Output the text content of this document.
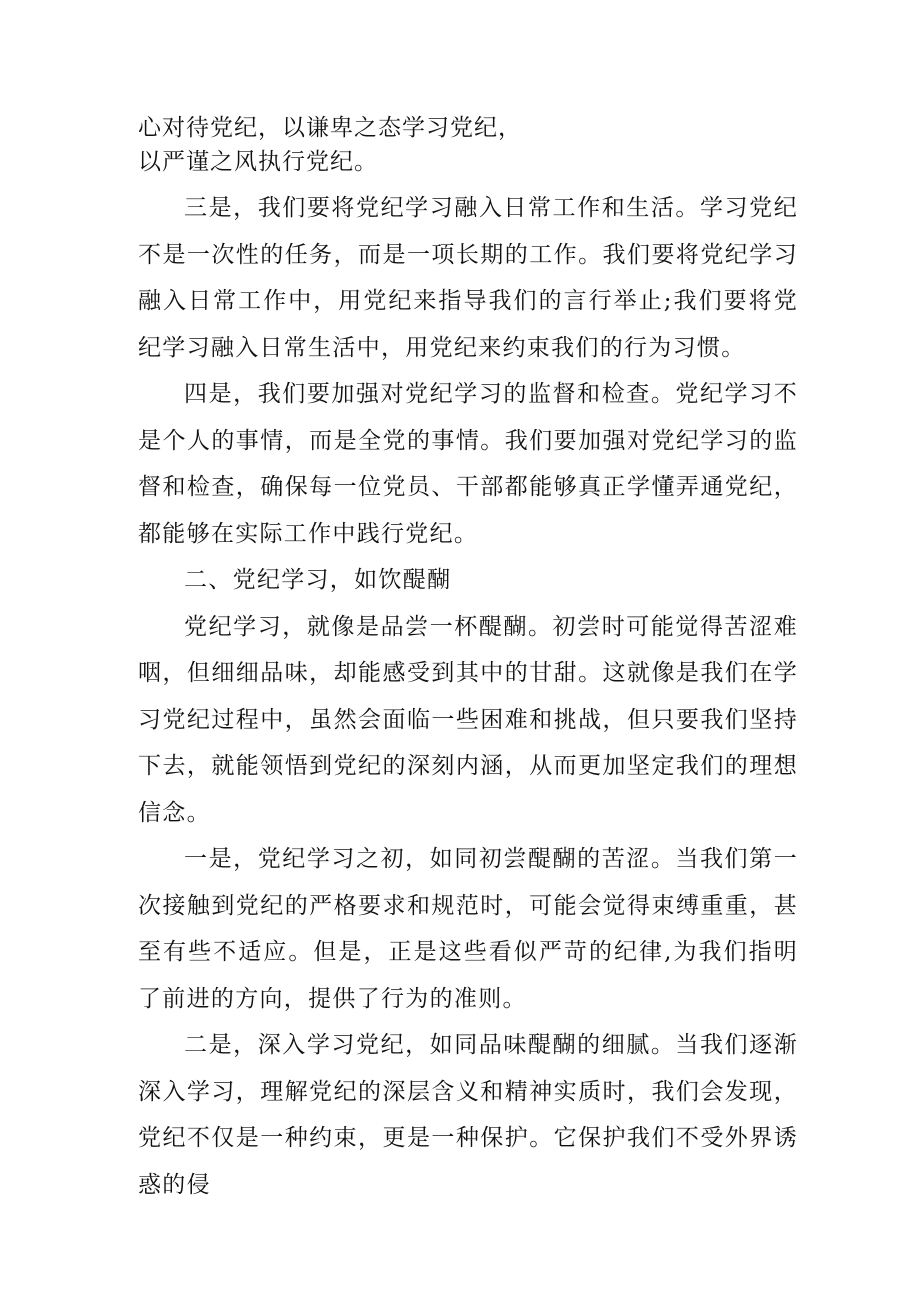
心对待党纪，以谦卑之态学习党纪，
以严谨之风执行党纪。

三是，我们要将党纪学习融入日常工作和生活。学习党纪不是一次性的任务，而是一项长期的工作。我们要将党纪学习融入日常工作中，用党纪来指导我们的言行举止;我们要将党纪学习融入日常生活中，用党纪来约束我们的行为习惯。

四是，我们要加强对党纪学习的监督和检查。党纪学习不是个人的事情，而是全党的事情。我们要加强对党纪学习的监督和检查，确保每一位党员、干部都能够真正学懂弄通党纪，都能够在实际工作中践行党纪。

二、党纪学习，如饮醍醐

党纪学习，就像是品尝一杯醍醐。初尝时可能觉得苦涩难咽，但细细品味，却能感受到其中的甘甜。这就像是我们在学习党纪过程中，虽然会面临一些困难和挑战，但只要我们坚持下去，就能领悟到党纪的深刻内涵，从而更加坚定我们的理想信念。

一是，党纪学习之初，如同初尝醍醐的苦涩。当我们第一次接触到党纪的严格要求和规范时，可能会觉得束缚重重，甚至有些不适应。但是，正是这些看似严苛的纪律,为我们指明了前进的方向，提供了行为的准则。

二是，深入学习党纪，如同品味醍醐的细腻。当我们逐渐深入学习，理解党纪的深层含义和精神实质时，我们会发现，党纪不仅是一种约束，更是一种保护。它保护我们不受外界诱惑的侵
